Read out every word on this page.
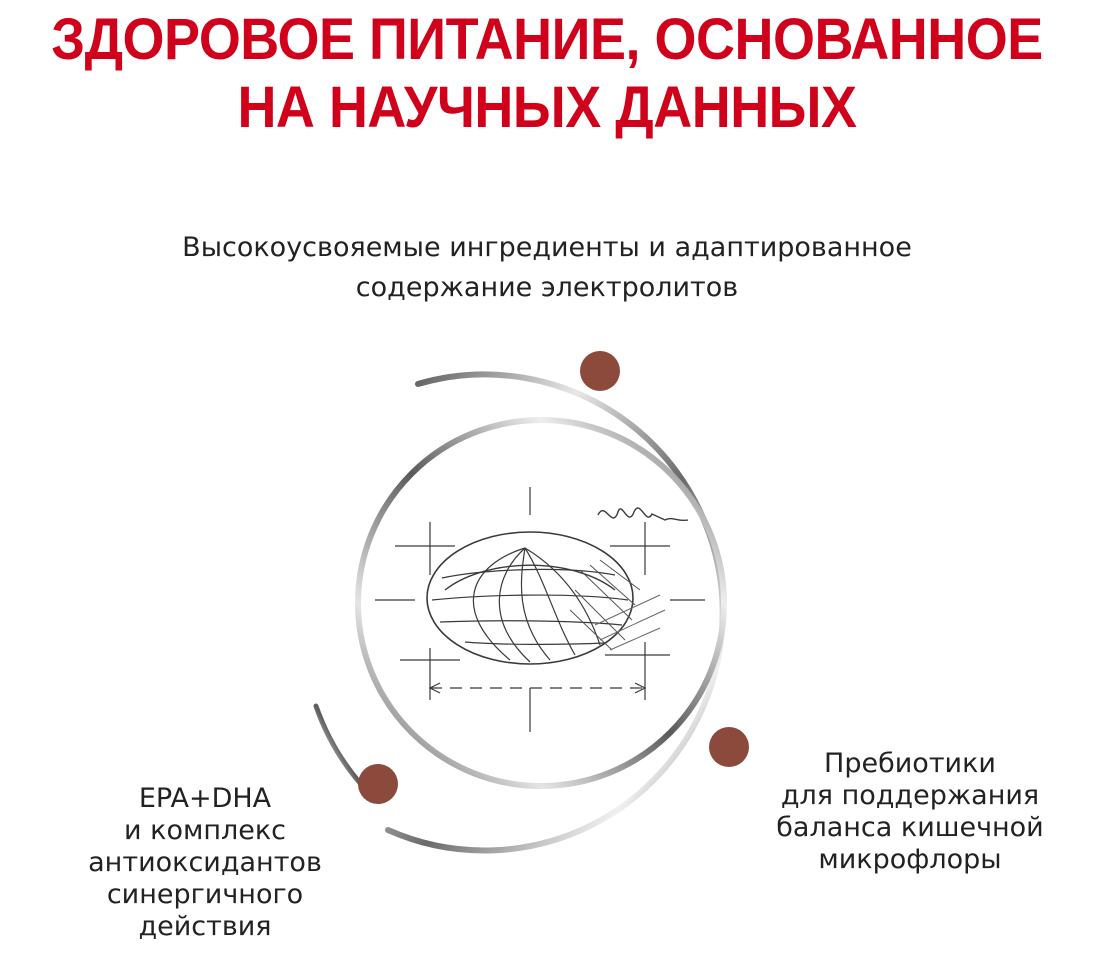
ЗДОРОВОЕ ПИТАНИЕ, ОСНОВАННОЕ
НА НАУЧНЫХ ДАННЫХ
Высокоусвояемые ингредиенты и адаптированное
содержание электролитов
EPA+DHA
и комплекс
антиоксидантов
синергичного
действия
Пребиотики
для поддержания
баланса кишечной
микрофлоры
